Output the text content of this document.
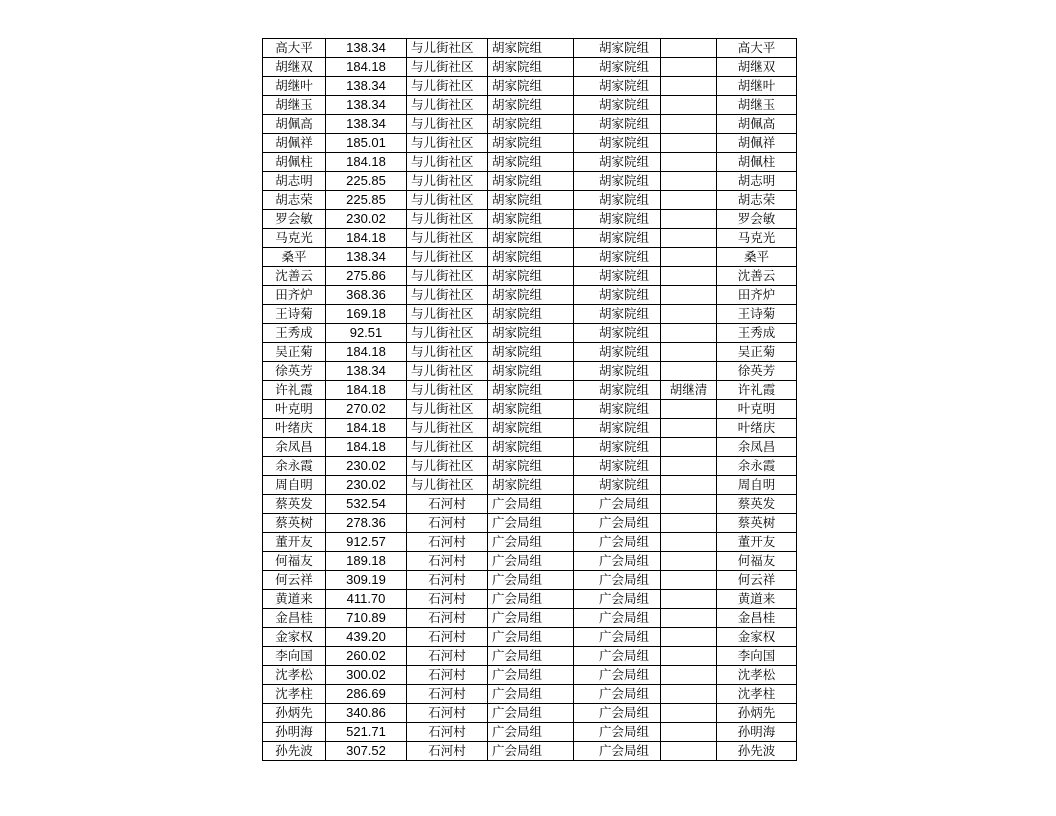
高大平	138.34	与儿街社区	胡家院组	胡家院组		高大平
胡继双	184.18	与儿街社区	胡家院组	胡家院组		胡继双
胡继叶	138.34	与儿街社区	胡家院组	胡家院组		胡继叶
胡继玉	138.34	与儿街社区	胡家院组	胡家院组		胡继玉
胡佩高	138.34	与儿街社区	胡家院组	胡家院组		胡佩高
胡佩祥	185.01	与儿街社区	胡家院组	胡家院组		胡佩祥
胡佩柱	184.18	与儿街社区	胡家院组	胡家院组		胡佩柱
胡志明	225.85	与儿街社区	胡家院组	胡家院组		胡志明
胡志荣	225.85	与儿街社区	胡家院组	胡家院组		胡志荣
罗会敏	230.02	与儿街社区	胡家院组	胡家院组		罗会敏
马克光	184.18	与儿街社区	胡家院组	胡家院组		马克光
桑平	138.34	与儿街社区	胡家院组	胡家院组		桑平
沈善云	275.86	与儿街社区	胡家院组	胡家院组		沈善云
田齐炉	368.36	与儿街社区	胡家院组	胡家院组		田齐炉
王诗菊	169.18	与儿街社区	胡家院组	胡家院组		王诗菊
王秀成	92.51	与儿街社区	胡家院组	胡家院组		王秀成
吴正菊	184.18	与儿街社区	胡家院组	胡家院组		吴正菊
徐英芳	138.34	与儿街社区	胡家院组	胡家院组		徐英芳
许礼霞	184.18	与儿街社区	胡家院组	胡家院组	胡继清	许礼霞
叶克明	270.02	与儿街社区	胡家院组	胡家院组		叶克明
叶绪庆	184.18	与儿街社区	胡家院组	胡家院组		叶绪庆
余凤昌	184.18	与儿街社区	胡家院组	胡家院组		余凤昌
余永霞	230.02	与儿街社区	胡家院组	胡家院组		余永霞
周自明	230.02	与儿街社区	胡家院组	胡家院组		周自明
蔡英发	532.54	石河村	广会局组	广会局组		蔡英发
蔡英树	278.36	石河村	广会局组	广会局组		蔡英树
董开友	912.57	石河村	广会局组	广会局组		董开友
何福友	189.18	石河村	广会局组	广会局组		何福友
何云祥	309.19	石河村	广会局组	广会局组		何云祥
黄道来	411.70	石河村	广会局组	广会局组		黄道来
金昌桂	710.89	石河村	广会局组	广会局组		金昌桂
金家权	439.20	石河村	广会局组	广会局组		金家权
李向国	260.02	石河村	广会局组	广会局组		李向国
沈孝松	300.02	石河村	广会局组	广会局组		沈孝松
沈孝柱	286.69	石河村	广会局组	广会局组		沈孝柱
孙炳先	340.86	石河村	广会局组	广会局组		孙炳先
孙明海	521.71	石河村	广会局组	广会局组		孙明海
孙先波	307.52	石河村	广会局组	广会局组		孙先波
